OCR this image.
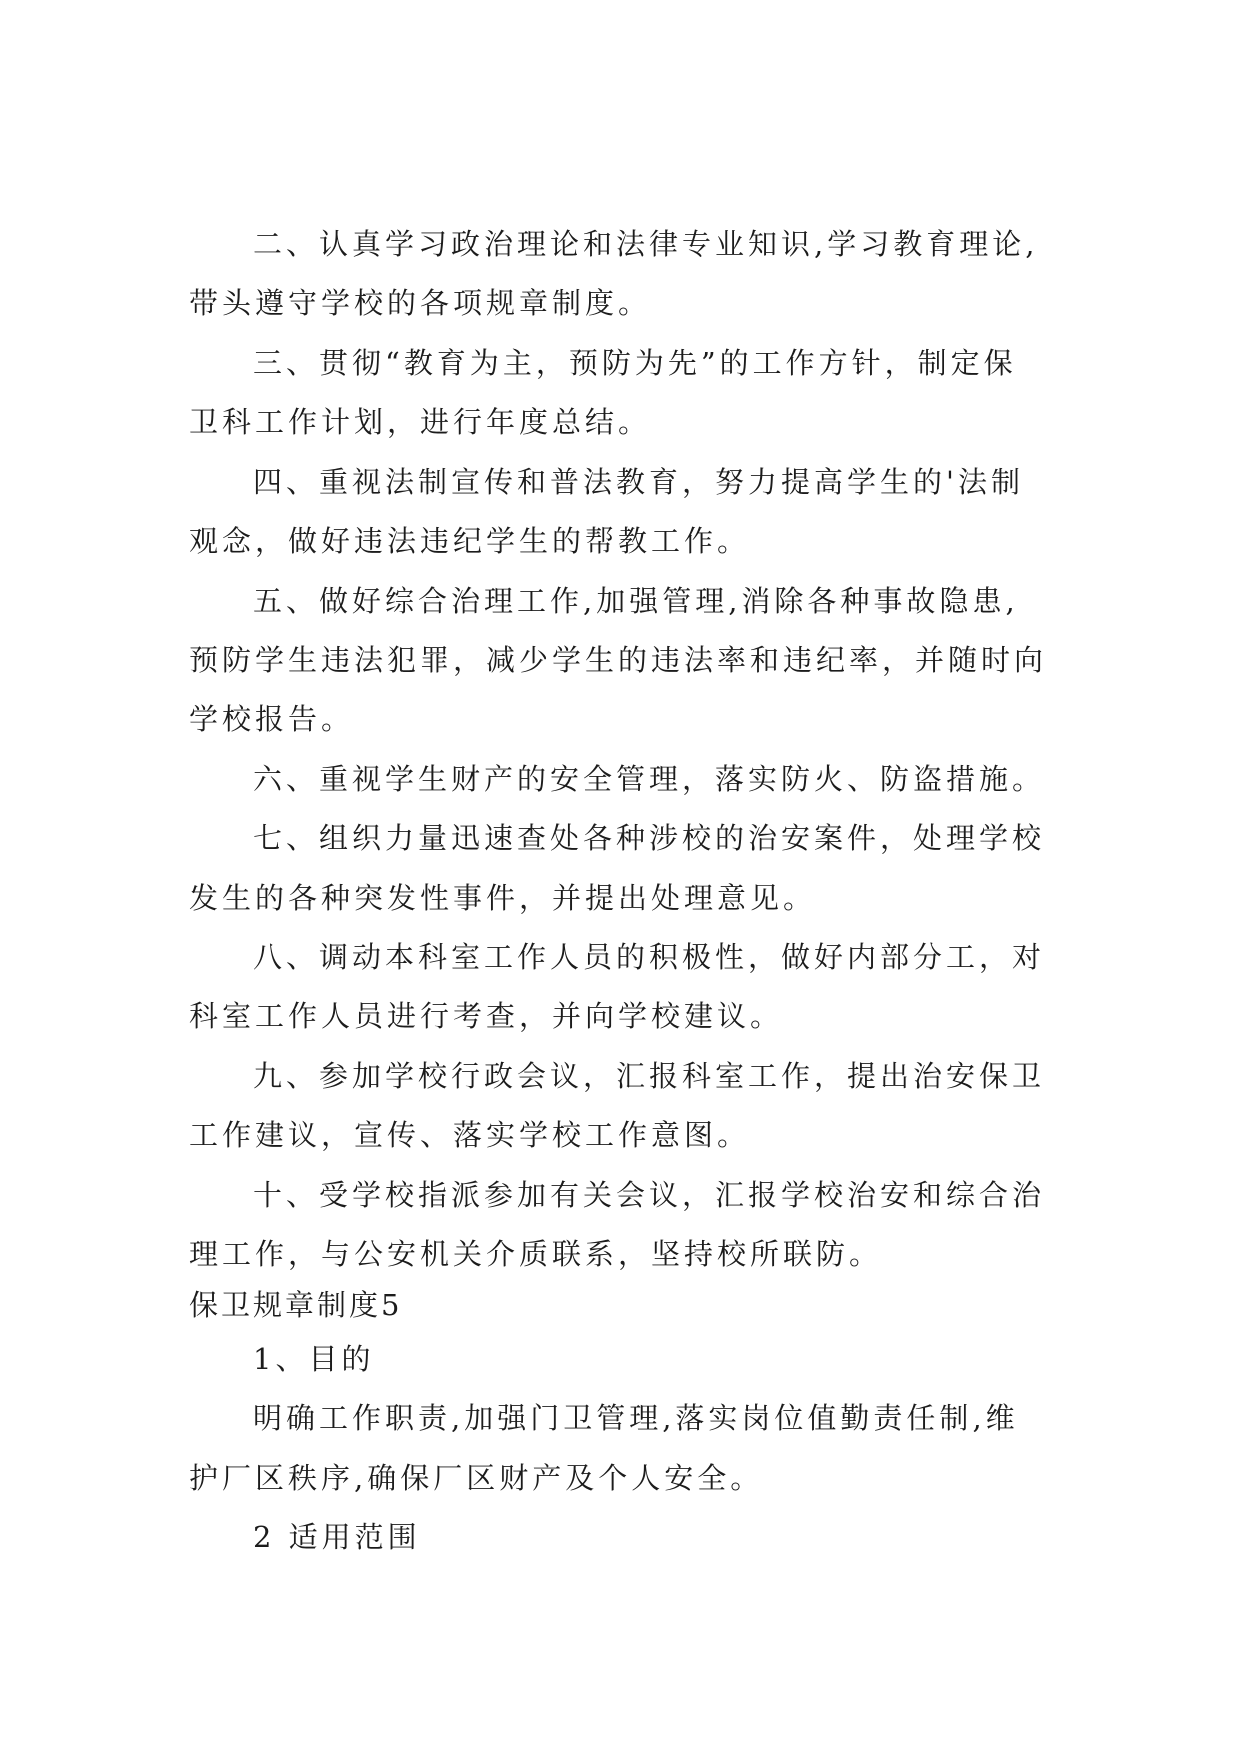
二、认真学习政治理论和法律专业知识,学习教育理论,
带头遵守学校的各项规章制度。
三、贯彻“教育为主，预防为先”的工作方针，制定保
卫科工作计划，进行年度总结。
四、重视法制宣传和普法教育，努力提高学生的'法制
观念，做好违法违纪学生的帮教工作。
五、做好综合治理工作,加强管理,消除各种事故隐患,
预防学生违法犯罪，减少学生的违法率和违纪率，并随时向
学校报告。
六、重视学生财产的安全管理，落实防火、防盗措施。
七、组织力量迅速查处各种涉校的治安案件，处理学校
发生的各种突发性事件，并提出处理意见。
八、调动本科室工作人员的积极性，做好内部分工，对
科室工作人员进行考查，并向学校建议。
九、参加学校行政会议，汇报科室工作，提出治安保卫
工作建议，宣传、落实学校工作意图。
十、受学校指派参加有关会议，汇报学校治安和综合治
理工作，与公安机关介质联系，坚持校所联防。
保卫规章制度5
1、目的
明确工作职责,加强门卫管理,落实岗位值勤责任制,维
护厂区秩序,确保厂区财产及个人安全。
2 适用范围
